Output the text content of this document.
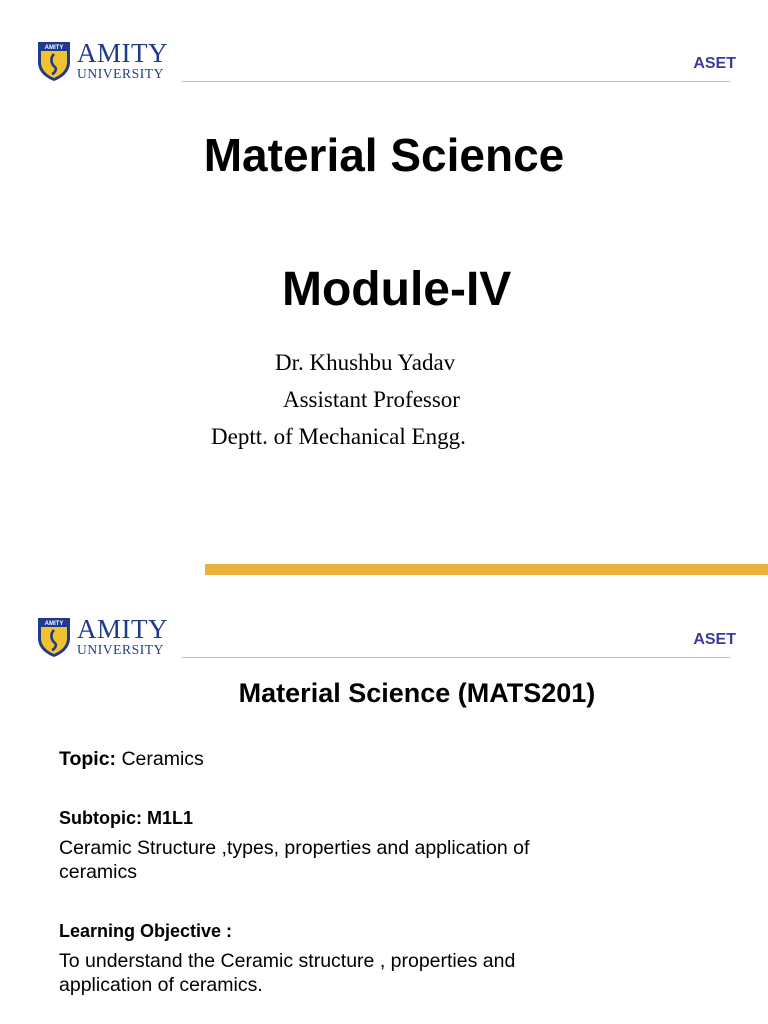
AMITY AMITY
UNIVERSITY
ASET
Material Science
Module-IV
Dr. Khushbu Yadav
Assistant Professor
Deptt. of Mechanical Engg.
AMITY AMITY
UNIVERSITY
ASET
Material Science (MATS201)
Topic: Ceramics
Subtopic: M1L1
Ceramic Structure ,types, properties and application of
ceramics
Learning Objective :
To understand the Ceramic structure , properties and
application of ceramics.
